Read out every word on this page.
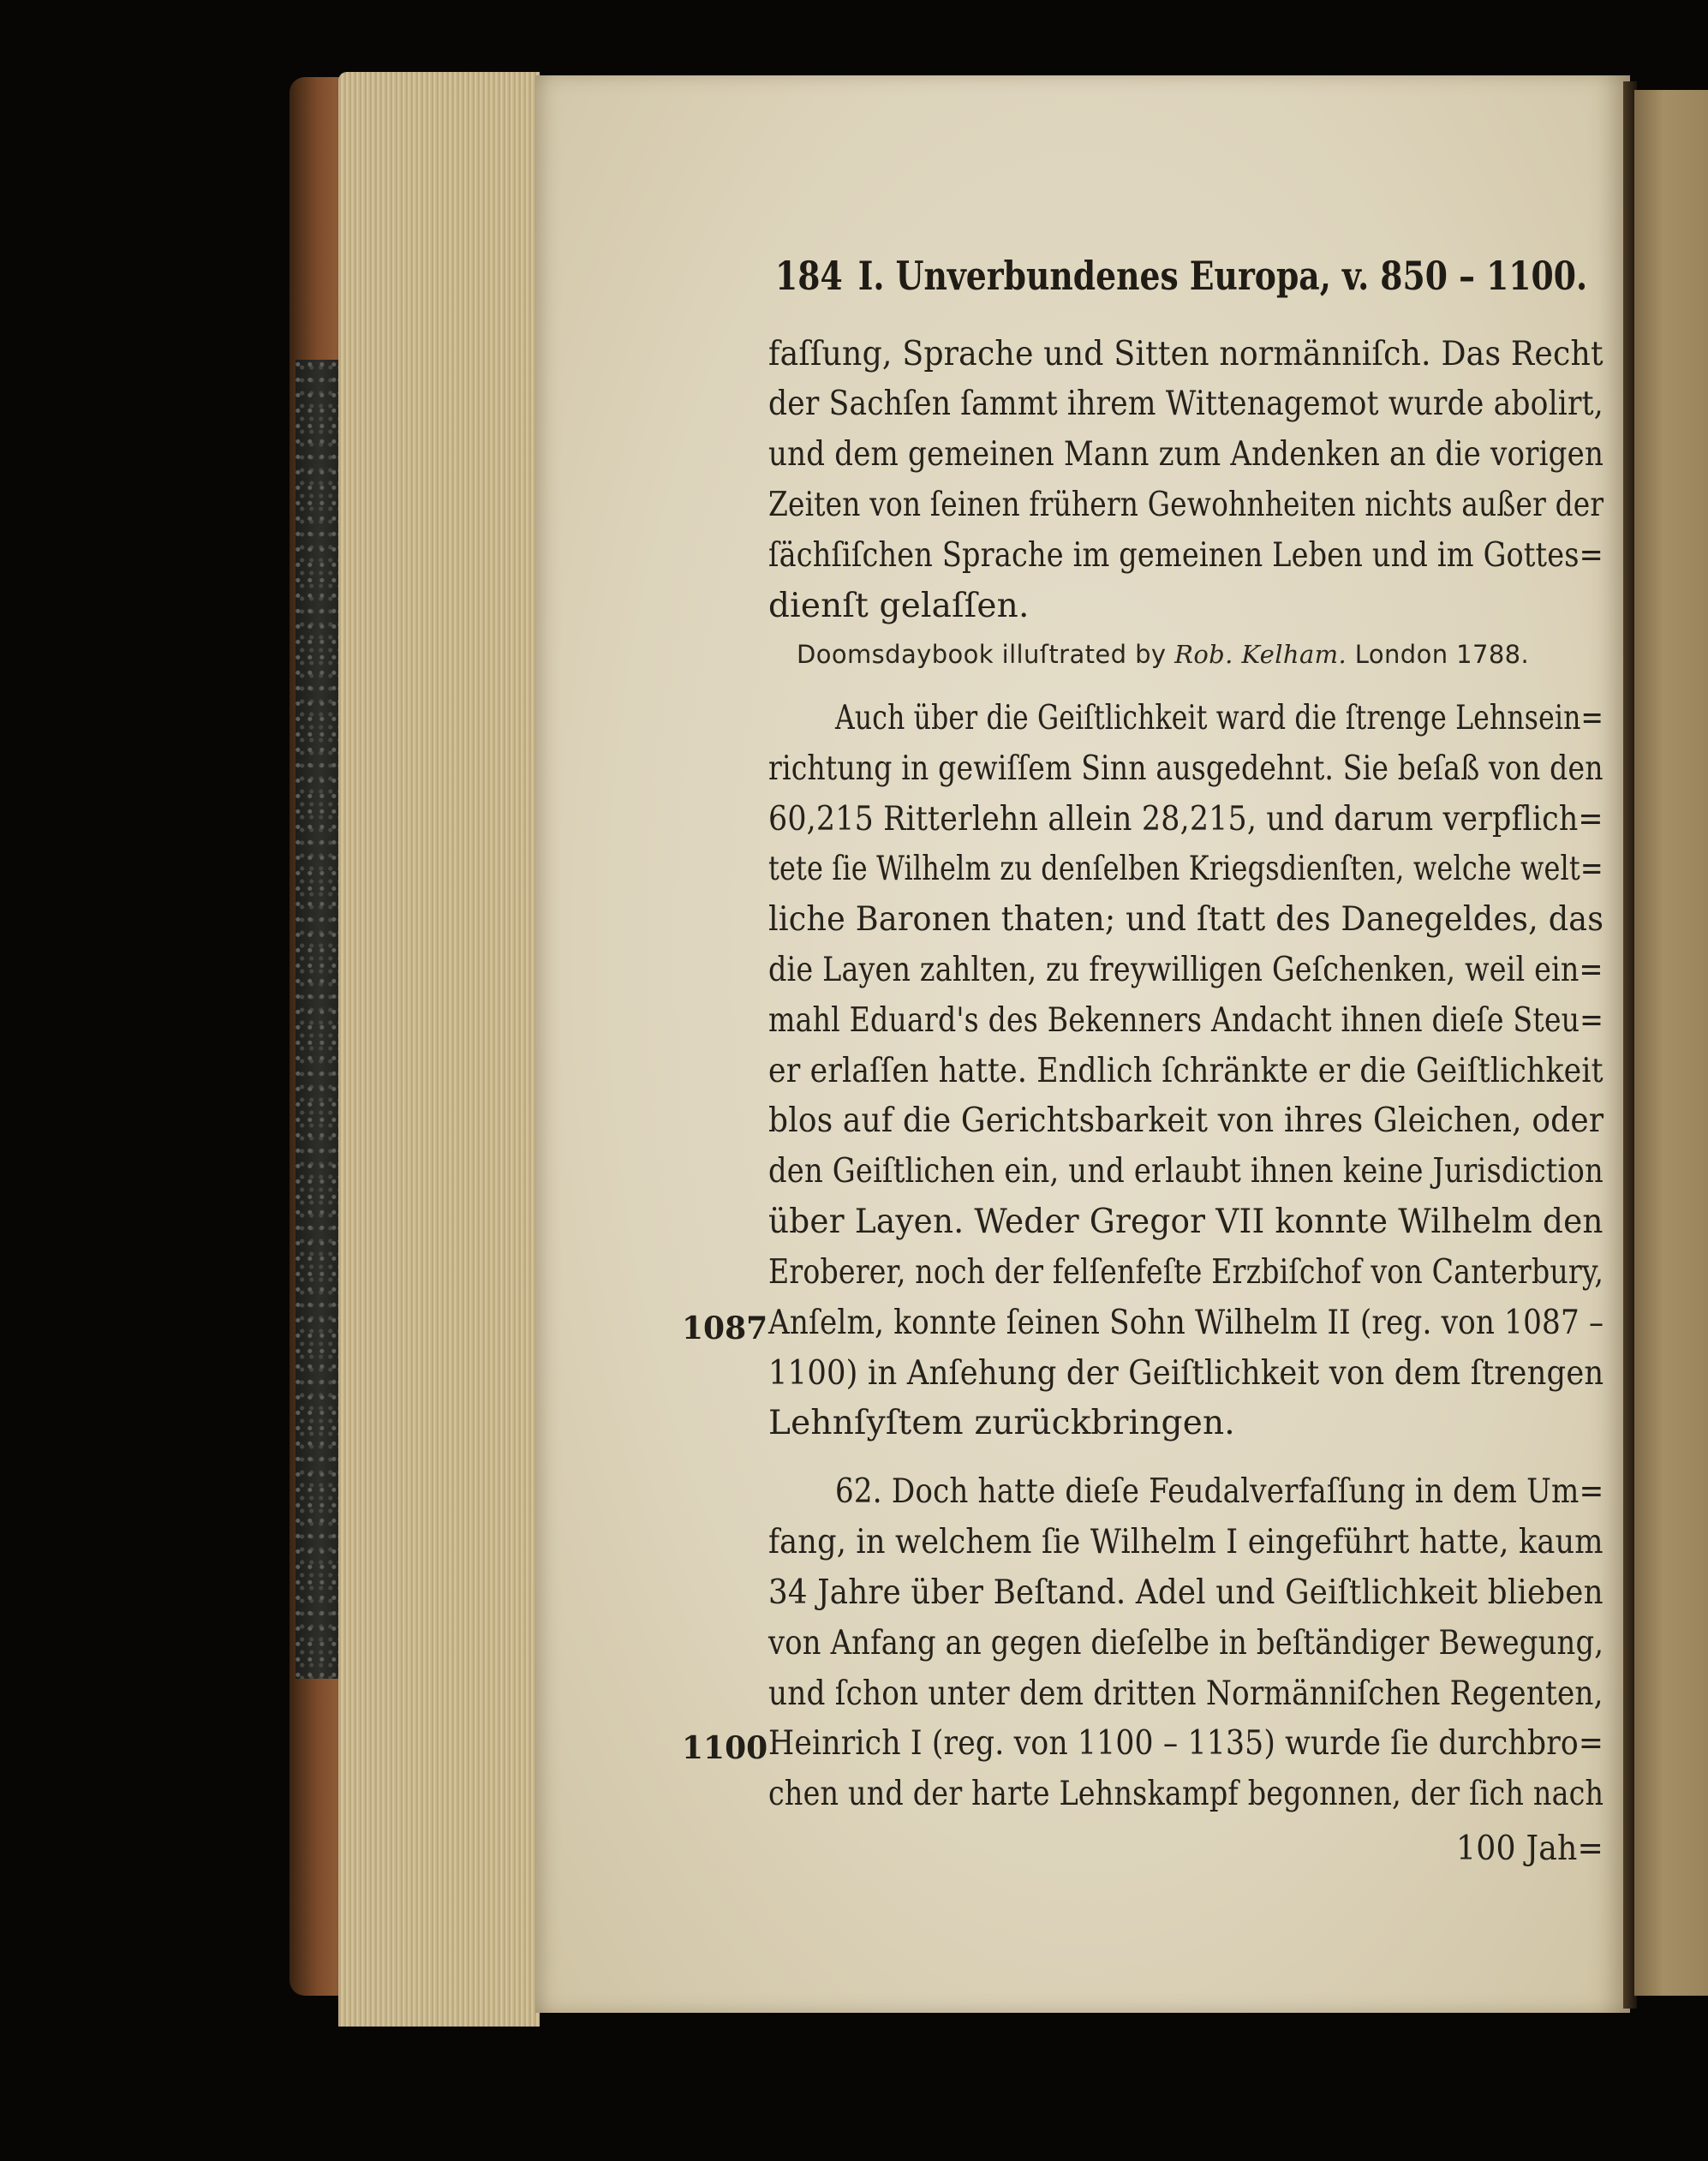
184 I. Unverbundenes Europa, v. 850 – 1100.
faſſung, Sprache und Sitten normänniſch. Das Recht
der Sachſen ſammt ihrem Wittenagemot wurde abolirt,
und dem gemeinen Mann zum Andenken an die vorigen
Zeiten von ſeinen frühern Gewohnheiten nichts außer der
ſächſiſchen Sprache im gemeinen Leben und im Gottes=
dienſt gelaſſen.
Doomsdaybook illuſtrated by Rob. Kelham. London 1788.
Auch über die Geiſtlichkeit ward die ſtrenge Lehnsein=
richtung in gewiſſem Sinn ausgedehnt. Sie beſaß von den
60,215 Ritterlehn allein 28,215, und darum verpflich=
tete ſie Wilhelm zu denſelben Kriegsdienſten, welche welt=
liche Baronen thaten; und ſtatt des Danegeldes, das
die Layen zahlten, zu freywilligen Geſchenken, weil ein=
mahl Eduard's des Bekenners Andacht ihnen dieſe Steu=
er erlaſſen hatte. Endlich ſchränkte er die Geiſtlichkeit
blos auf die Gerichtsbarkeit von ihres Gleichen, oder
den Geiſtlichen ein, und erlaubt ihnen keine Jurisdiction
über Layen. Weder Gregor VII konnte Wilhelm den
Eroberer, noch der felſenfeſte Erzbiſchof von Canterbury,
1087 Anſelm, konnte ſeinen Sohn Wilhelm II (reg. von 1087 –
1100) in Anſehung der Geiſtlichkeit von dem ſtrengen
Lehnſyſtem zurückbringen.
62. Doch hatte dieſe Feudalverfaſſung in dem Um=
fang, in welchem ſie Wilhelm I eingeführt hatte, kaum
34 Jahre über Beſtand. Adel und Geiſtlichkeit blieben
von Anfang an gegen dieſelbe in beſtändiger Bewegung,
und ſchon unter dem dritten Normänniſchen Regenten,
1100 Heinrich I (reg. von 1100 – 1135) wurde ſie durchbro=
chen und der harte Lehnskampf begonnen, der ſich nach
100 Jah=
